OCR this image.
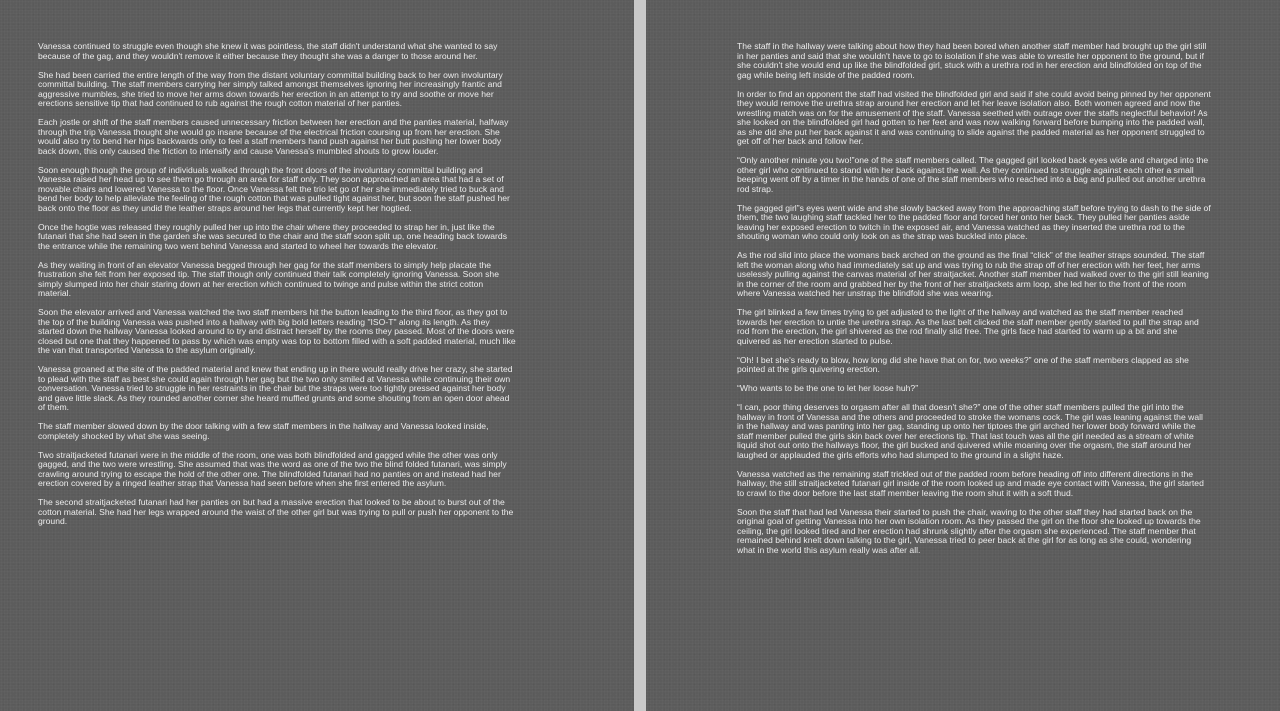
Vanessa continued to struggle even though she knew it was pointless, the staff didn't understand what she wanted to say because of the gag, and they wouldn't remove it either because they thought she was a danger to those around her.

She had been carried the entire length of the way from the distant voluntary committal building back to her own involuntary committal building. The staff members carrying her simply talked amongst themselves ignoring her increasingly frantic and aggressive mumbles, she tried to move her arms down towards her erection in an attempt to try and soothe or move her erections sensitive tip that had continued to rub against the rough cotton material of her panties.

Each jostle or shift of the staff members caused unnecessary friction between her erection and the panties material, halfway through the trip Vanessa thought she would go insane because of the electrical friction coursing up from her erection. She would also try to bend her hips backwards only to feel a staff members hand push against her butt pushing her lower body back down, this only caused the friction to intensify and cause Vanessa's mumbled shouts to grow louder.

Soon enough though the group of individuals walked through the front doors of the involuntary committal building and Vanessa raised her head up to see them go through an area for staff only. They soon approached an area that had a set of movable chairs and lowered Vanessa to the floor. Once Vanessa felt the trio let go of her she immediately tried to buck and bend her body to help alleviate the feeling of the rough cotton that was pulled tight against her, but soon the staff pushed her back onto the floor as they undid the leather straps around her legs that currently kept her hogtied.

Once the hogtie was released they roughly pulled her up into the chair where they proceeded to strap her in, just like the futanari that she had seen in the garden she was secured to the chair and the staff soon split up, one heading back towards the entrance while the remaining two went behind Vanessa and started to wheel her towards the elevator.

As they waiting in front of an elevator Vanessa begged through her gag for the staff members to simply help placate the frustration she felt from her exposed tip. The staff though only continued their talk completely ignoring Vanessa. Soon she simply slumped into her chair staring down at her erection which continued to twinge and pulse within the strict cotton material.

Soon the elevator arrived and Vanessa watched the two staff members hit the button leading to the third floor, as they got to the top of the building Vanessa was pushed into a hallway with big bold letters reading "ISO-T" along its length. As they started down the hallway Vanessa looked around to try and distract herself by the rooms they passed. Most of the doors were closed but one that they happened to pass by which was empty was top to bottom filled with a soft padded material, much like the van that transported Vanessa to the asylum originally.

Vanessa groaned at the site of the padded material and knew that ending up in there would really drive her crazy, she started to plead with the staff as best she could again through her gag but the two only smiled at Vanessa while continuing their own conversation. Vanessa tried to struggle in her restraints in the chair but the straps were too tightly pressed against her body and gave little slack. As they rounded another corner she heard muffled grunts and some shouting from an open door ahead of them.

The staff member slowed down by the door talking with a few staff members in the hallway and Vanessa looked inside, completely shocked by what she was seeing.

Two straitjacketed futanari were in the middle of the room, one was both blindfolded and gagged while the other was only gagged, and the two were wrestling. She assumed that was the word as one of the two the blind folded futanari, was simply crawling around trying to escape the hold of the other one. The blindfolded futanari had no panties on and instead had her erection covered by a ringed leather strap that Vanessa had seen before when she first entered the asylum.

The second straitjacketed futanari had her panties on but had a massive erection that looked to be about to burst out of the cotton material. She had her legs wrapped around the waist of the other girl but was trying to pull or push her opponent to the ground.

The staff in the hallway were talking about how they had been bored when another staff member had brought up the girl still in her panties and said that she wouldn't have to go to isolation if she was able to wrestle her opponent to the ground, but if she couldn't she would end up like the blindfolded girl, stuck with a urethra rod in her erection and blindfolded on top of the gag while being left inside of the padded room.

In order to find an opponent the staff had visited the blindfolded girl and said if she could avoid being pinned by her opponent they would remove the urethra strap around her erection and let her leave isolation also. Both women agreed and now the wrestling match was on for the amusement of the staff. Vanessa seethed with outrage over the staffs neglectful behavior! As she looked on the blindfolded girl had gotten to her feet and was now walking forward before bumping into the padded wall, as she did she put her back against it and was continuing to slide against the padded material as her opponent struggled to get off of her back and follow her.

“Only another minute you two!”one of the staff members called. The gagged girl looked back eyes wide and charged into the other girl who continued to stand with her back against the wall. As they continued to struggle against each other a small beeping went off by a timer in the hands of one of the staff members who reached into a bag and pulled out another urethra rod strap.

The gagged girl”s eyes went wide and she slowly backed away from the approaching staff before trying to dash to the side of them, the two laughing staff tackled her to the padded floor and forced her onto her back. They pulled her panties aside leaving her exposed erection to twitch in the exposed air, and Vanessa watched as they inserted the urethra rod to the shouting woman who could only look on as the strap was buckled into place.

As the rod slid into place the womans back arched on the ground as the final “click” of the leather straps sounded. The staff left the woman along who had immediately sat up and was trying to rub the strap off of her erection with her feet, her arms uselessly pulling against the canvas material of her straitjacket. Another staff member had walked over to the girl still leaning in the corner of the room and grabbed her by the front of her straitjackets arm loop, she led her to the front of the room where Vanessa watched her unstrap the blindfold she was wearing.

The girl blinked a few times trying to get adjusted to the light of the hallway and watched as the staff member reached towards her erection to untie the urethra strap. As the last belt clicked the staff member gently started to pull the strap and rod from the erection, the girl shivered as the rod finally slid free. The girls face had started to warm up a bit and she quivered as her erection started to pulse.

“Oh! I bet she's ready to blow, how long did she have that on for, two weeks?” one of the staff members clapped as she pointed at the girls quivering erection.

“Who wants to be the one to let her loose huh?”

“I can, poor thing deserves to orgasm after all that doesn't she?” one of the other staff members pulled the girl into the hallway in front of Vanessa and the others and proceeded to stroke the womans cock. The girl was leaning against the wall in the hallway and was panting into her gag, standing up onto her tiptoes the girl arched her lower body forward while the staff member pulled the girls skin back over her erections tip. That last touch was all the girl needed as a stream of white liquid shot out onto the hallways floor, the girl bucked and quivered while moaning over the orgasm, the staff around her laughed or applauded the girls efforts who had slumped to the ground in a slight haze.

Vanessa watched as the remaining staff trickled out of the padded room before heading off into different directions in the hallway, the still straitjacketed futanari girl inside of the room looked up and made eye contact with Vanessa, the girl started to crawl to the door before the last staff member leaving the room shut it with a soft thud.

Soon the staff that had led Vanessa their started to push the chair, waving to the other staff they had started back on the original goal of getting Vanessa into her own isolation room. As they passed the girl on the floor she looked up towards the ceiling, the girl looked tired and her erection had shrunk slightly after the orgasm she experienced. The staff member that remained behind knelt down talking to the girl, Vanessa tried to peer back at the girl for as long as she could, wondering what in the world this asylum really was after all.
